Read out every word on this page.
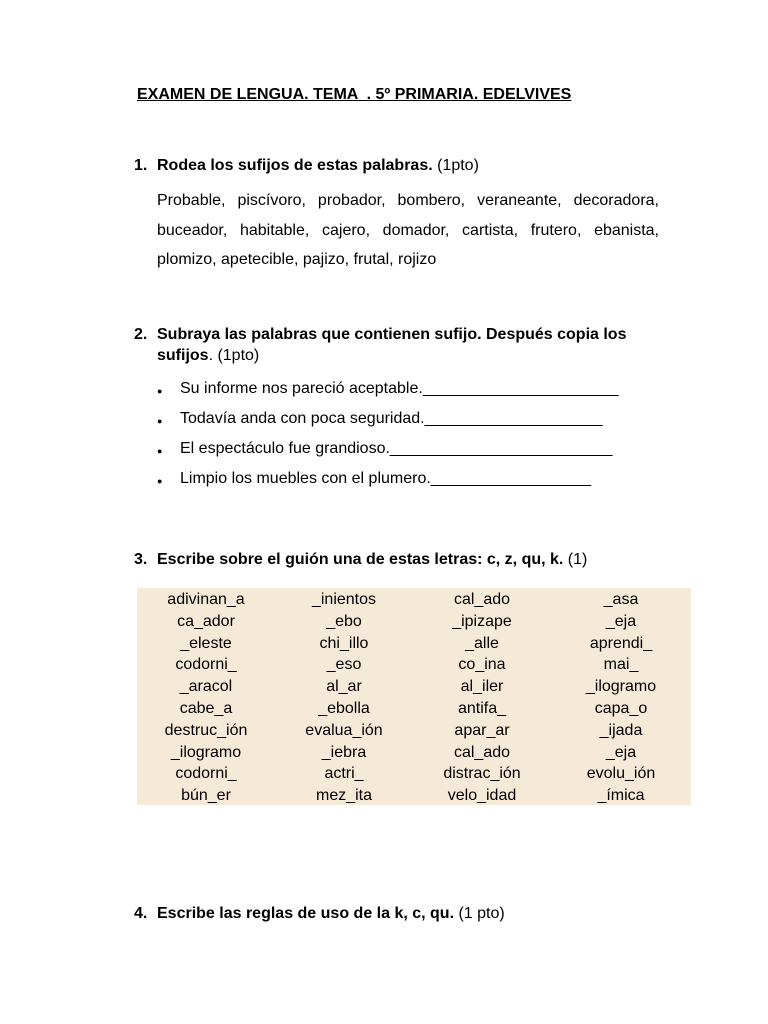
EXAMEN DE LENGUA. TEMA  . 5º PRIMARIA. EDELVIVES
1. Rodea los sufijos de estas palabras. (1pto)
Probable, piscívoro, probador, bombero, veraneante, decoradora, buceador, habitable, cajero, domador, cartista, frutero, ebanista, plomizo, apetecible, pajizo, frutal, rojizo
2. Subraya las palabras que contienen sufijo. Después copia los sufijos. (1pto)
● Su informe nos pareció aceptable.______________________
● Todavía anda con poca seguridad.____________________
● El espectáculo fue grandioso._________________________
● Limpio los muebles con el plumero.__________________
3. Escribe sobre el guión una de estas letras: c, z, qu, k. (1)
adivinan_a
ca_ador
_eleste
codorni_
_aracol
cabe_a
destruc_ión
_ilogramo
codorni_
bún_er
_inientos
_ebo
chi_illo
_eso
al_ar
_ebolla
evalua_ión
_iebra
actri_
mez_ita
cal_ado
_ipizape
_alle
co_ina
al_iler
antifa_
apar_ar
cal_ado
distrac_ión
velo_idad
_asa
_eja
aprendi_
mai_
_ilogramo
capa_o
_ijada
_eja
evolu_ión
_ímica
4. Escribe las reglas de uso de la k, c, qu. (1 pto)
